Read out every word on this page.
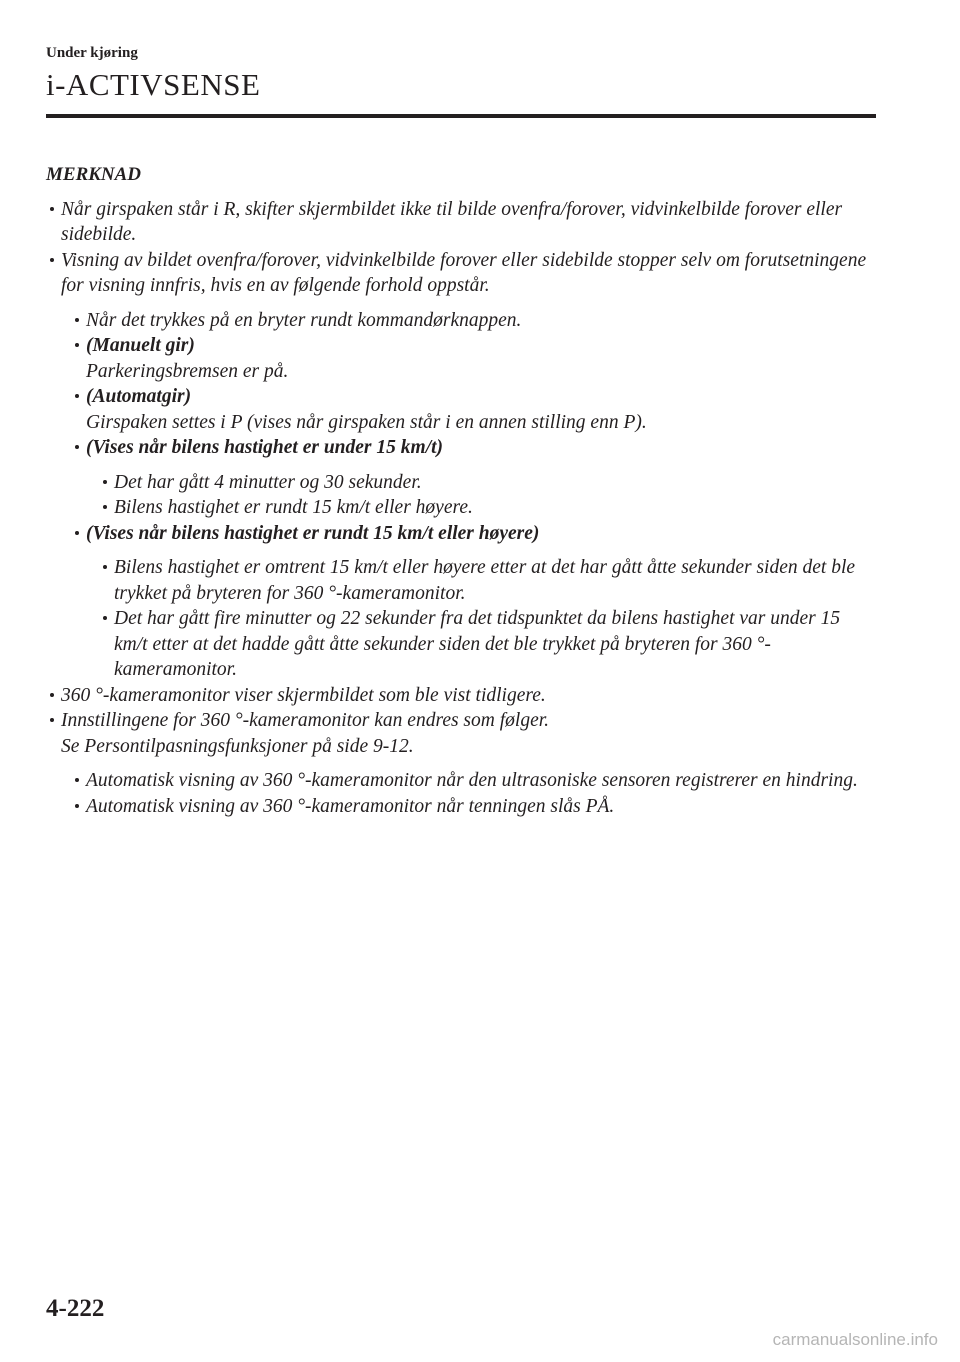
Under kjøring
i-ACTIVSENSE
MERKNAD
Når girspaken står i R, skifter skjermbildet ikke til bilde ovenfra/forover, vidvinkelbilde forover eller sidebilde.
Visning av bildet ovenfra/forover, vidvinkelbilde forover eller sidebilde stopper selv om forutsetningene for visning innfris, hvis en av følgende forhold oppstår.
Når det trykkes på en bryter rundt kommandørknappen.
(Manuelt gir)
Parkeringsbremsen er på.
(Automatgir)
Girspaken settes i P (vises når girspaken står i en annen stilling enn P).
(Vises når bilens hastighet er under 15 km/t)
Det har gått 4 minutter og 30 sekunder.
Bilens hastighet er rundt 15 km/t eller høyere.
(Vises når bilens hastighet er rundt 15 km/t eller høyere)
Bilens hastighet er omtrent 15 km/t eller høyere etter at det har gått åtte sekunder siden det ble trykket på bryteren for 360 °-kameramonitor.
Det har gått fire minutter og 22 sekunder fra det tidspunktet da bilens hastighet var under 15 km/t etter at det hadde gått åtte sekunder siden det ble trykket på bryteren for 360 °-kameramonitor.
360 °-kameramonitor viser skjermbildet som ble vist tidligere.
Innstillingene for 360 °-kameramonitor kan endres som følger.
Se Persontilpasningsfunksjoner på side 9-12.
Automatisk visning av 360 °-kameramonitor når den ultrasoniske sensoren registrerer en hindring.
Automatisk visning av 360 °-kameramonitor når tenningen slås PÅ.
4-222
carmanualsonline.info
